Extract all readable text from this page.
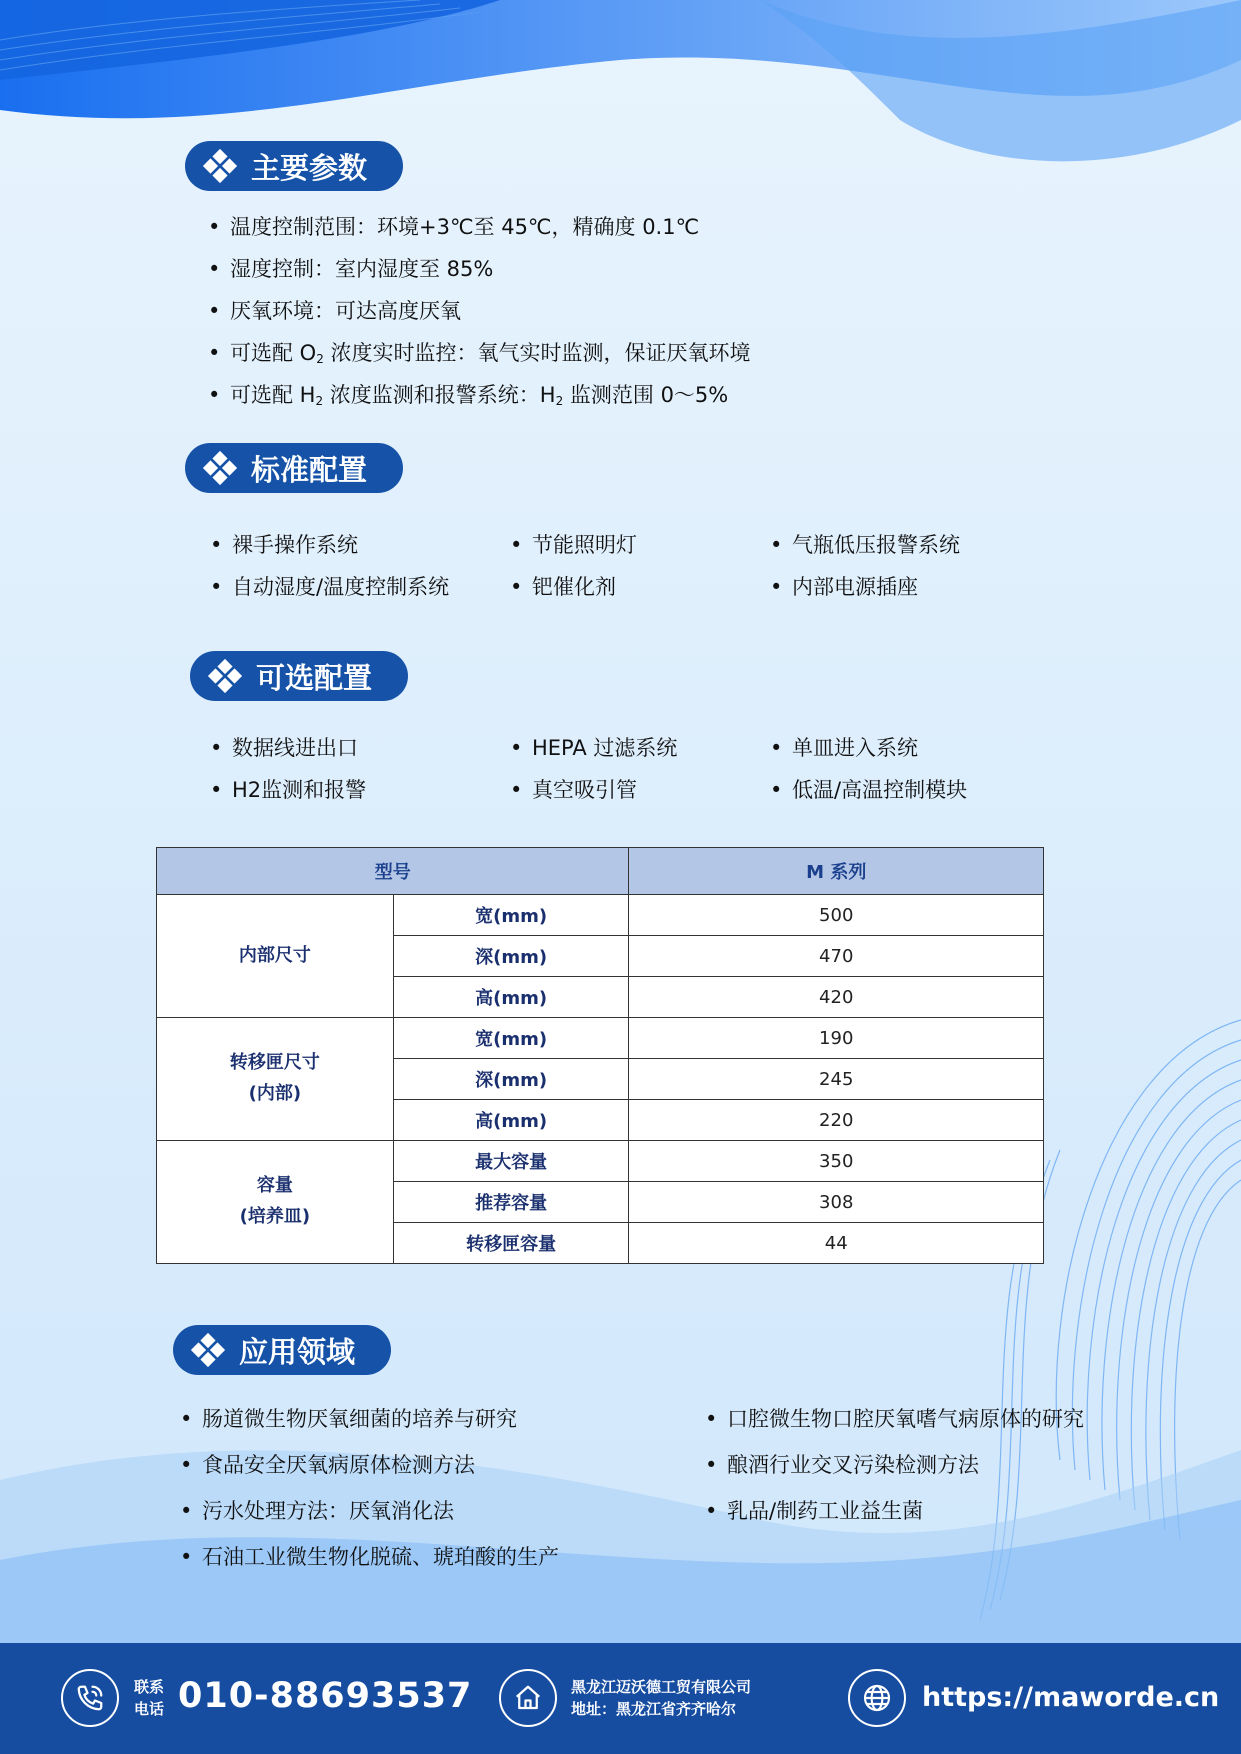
主要参数
• 温度控制范围：环境+3℃至 45℃，精确度 0.1℃
• 湿度控制：室内湿度至 85%
• 厌氧环境：可达高度厌氧
• 可选配 $O_2$ 浓度实时监控：氧气实时监测，保证厌氧环境
• 可选配 $H_2$ 浓度监测和报警系统：$H_2$ 监测范围 0～5%
标准配置
• 裸手操作系统	• 节能照明灯	• 气瓶低压报警系统
• 自动湿度/温度控制系统	• 钯催化剂	• 内部电源插座
可选配置
• 数据线进出口	• HEPA 过滤系统	• 单皿进入系统
• H2监测和报警	• 真空吸引管	• 低温/高温控制模块
型号		M 系列
内部尺寸	宽(mm)	500
	深(mm)	470
	高(mm)	420
转移匣尺寸
(内部)	宽(mm)	190
	深(mm)	245
	高(mm)	220
容量
(培养皿)	最大容量	350
	推荐容量	308
	转移匣容量	44
应用领域
• 肠道微生物厌氧细菌的培养与研究	• 口腔微生物口腔厌氧嗜气病原体的研究
• 食品安全厌氧病原体检测方法	• 酿酒行业交叉污染检测方法
• 污水处理方法：厌氧消化法	• 乳品/制药工业益生菌
• 石油工业微生物化脱硫、琥珀酸的生产
联系
电话 010-88693537	黑龙江迈沃德工贸有限公司
地址：黑龙江省齐齐哈尔	https://maworde.cn
